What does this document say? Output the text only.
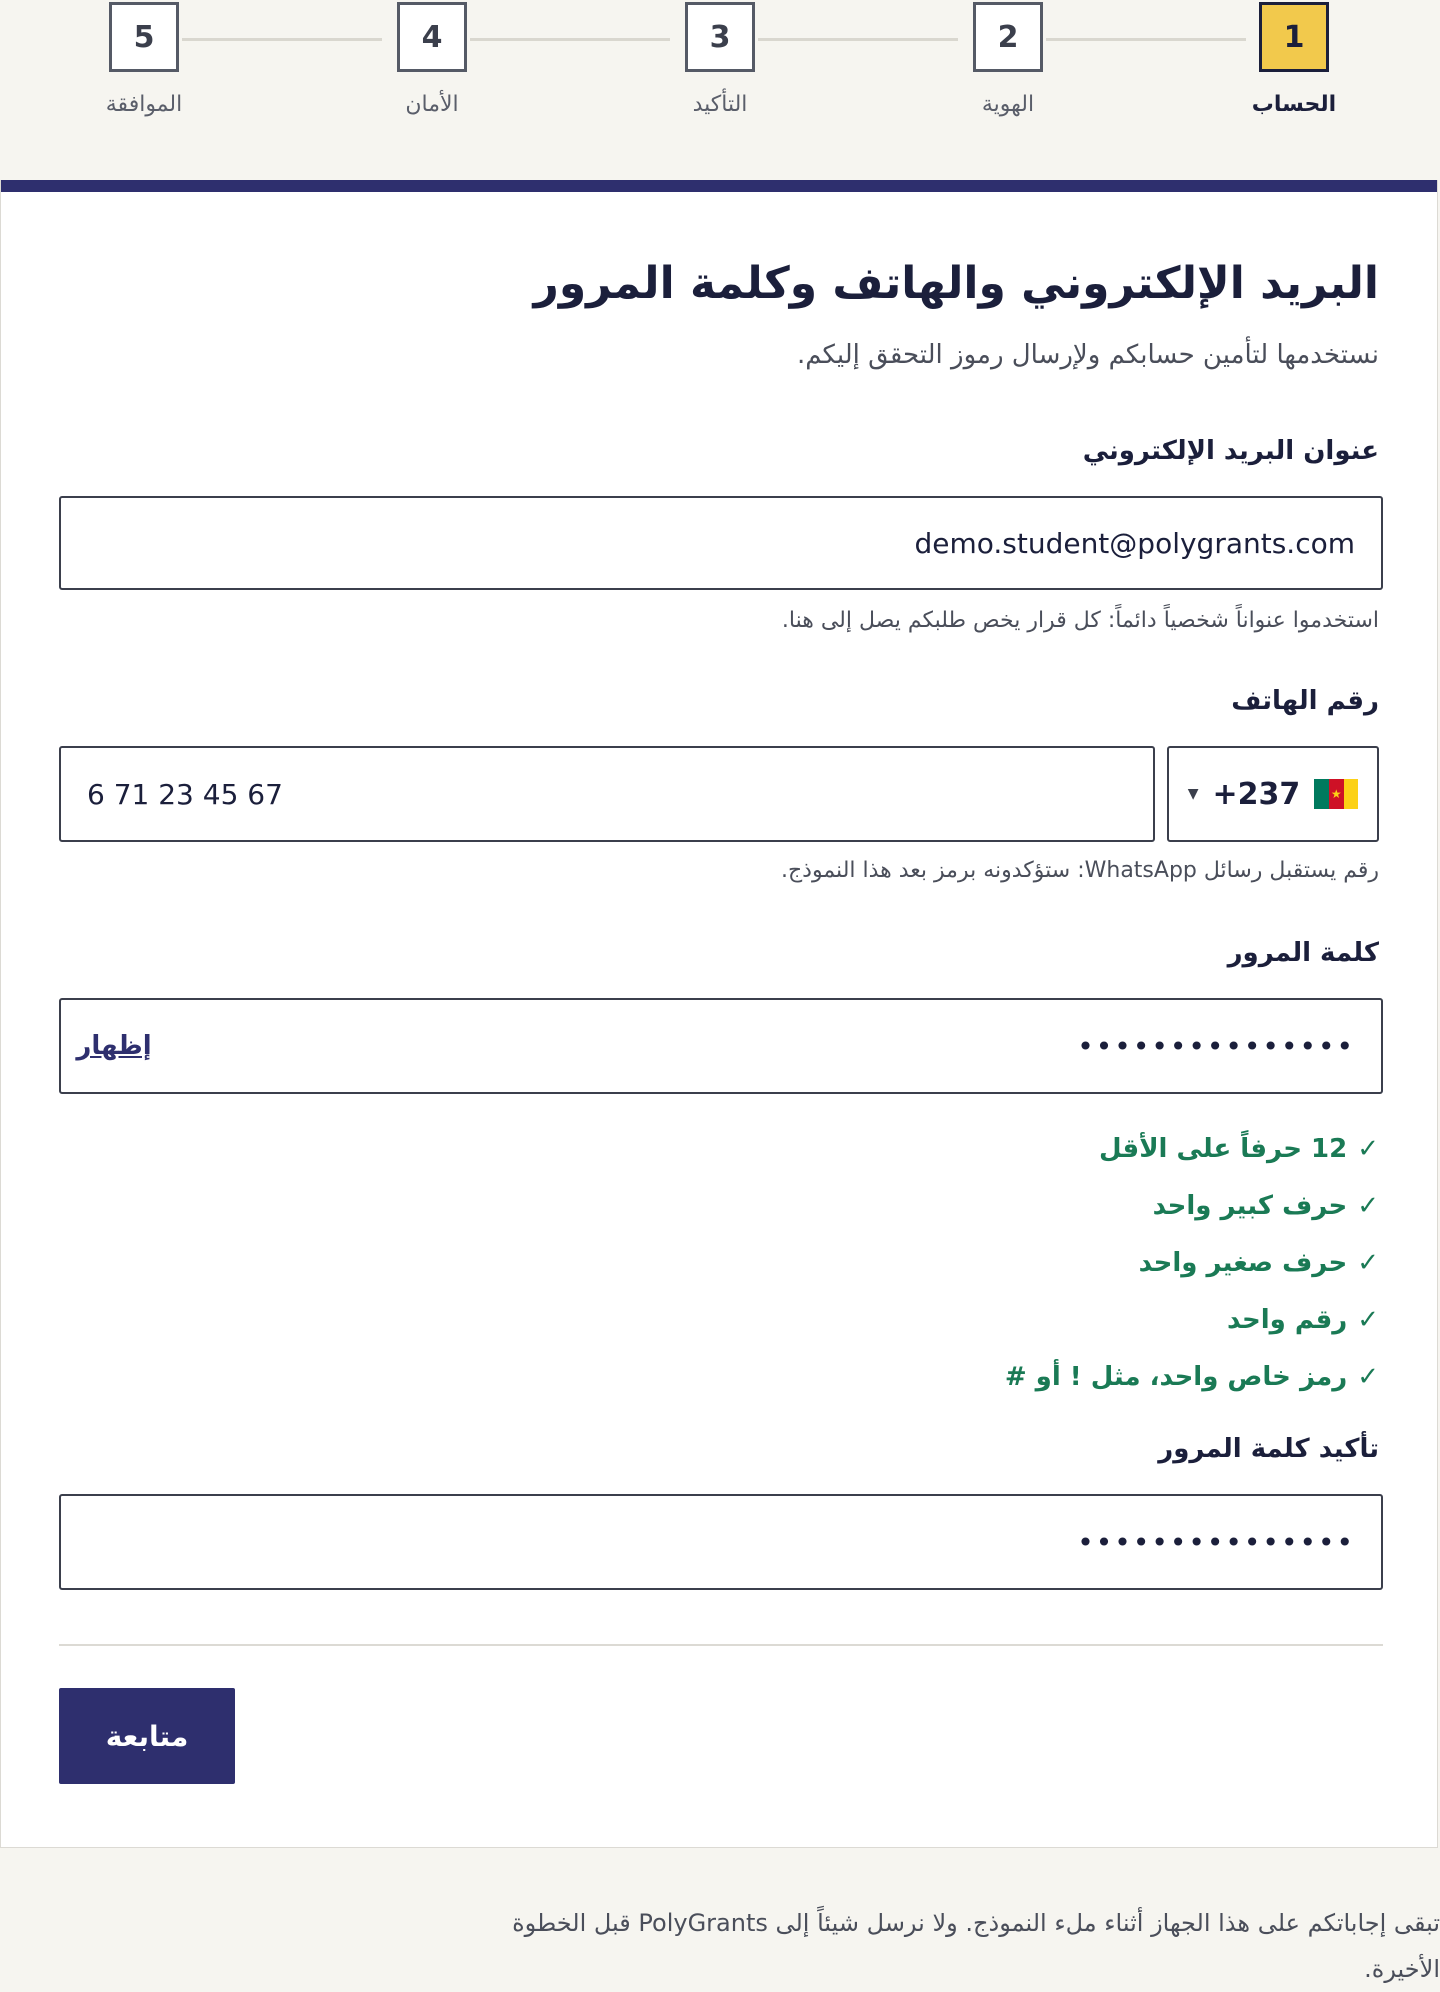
1
الحساب
2
الهوية
3
التأكيد
4
الأمان
5
الموافقة
البريد الإلكتروني والهاتف وكلمة المرور

نستخدمها لتأمين حسابكم ولإرسال رموز التحقق إليكم.

عنوان البريد الإلكتروني
demo.student@polygrants.com

استخدموا عنواناً شخصياً دائماً: كل قرار يخص طلبكم يصل إلى هنا.

رقم الهاتف
▼ +237	★
6 71 23 45 67

رقم يستقبل رسائل WhatsApp: ستؤكدونه برمز بعد هذا النموذج.

كلمة المرور
•••••••••••••••
إظهار
✓
12 حرفاً على الأقل
✓
حرف كبير واحد
✓
حرف صغير واحد
✓
رقم واحد
✓
رمز خاص واحد، مثل ! أو #
تأكيد كلمة المرور
•••••••••••••••
متابعة

تبقى إجاباتكم على هذا الجهاز أثناء ملء النموذج. ولا نرسل شيئاً إلى PolyGrants قبل الخطوة الأخيرة.
